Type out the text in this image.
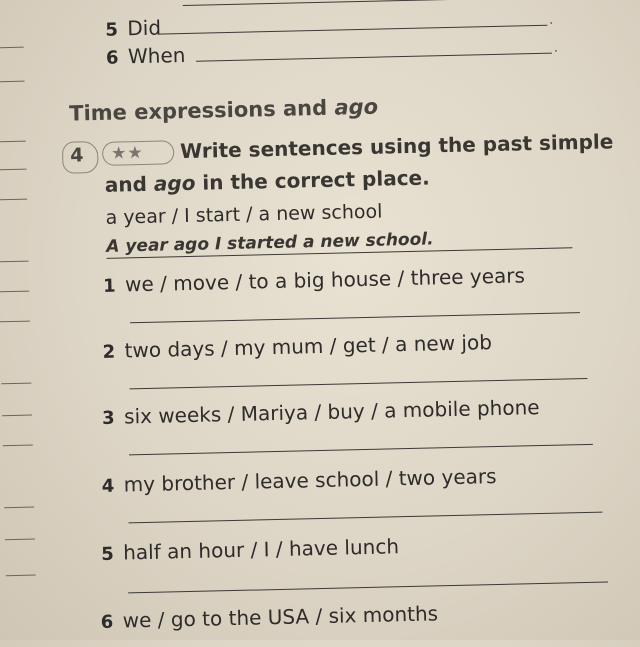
5 Did	.
6 When	.
Time expressions and ago
4	★★	Write sentences using the past simple
and ago in the correct place.
a year / I start / a new school
A year ago I started a new school.
1 we / move / to a big house / three years
2 two days / my mum / get / a new job
3 six weeks / Mariya / buy / a mobile phone
4 my brother / leave school / two years
5 half an hour / I / have lunch
6 we / go to the USA / six months
